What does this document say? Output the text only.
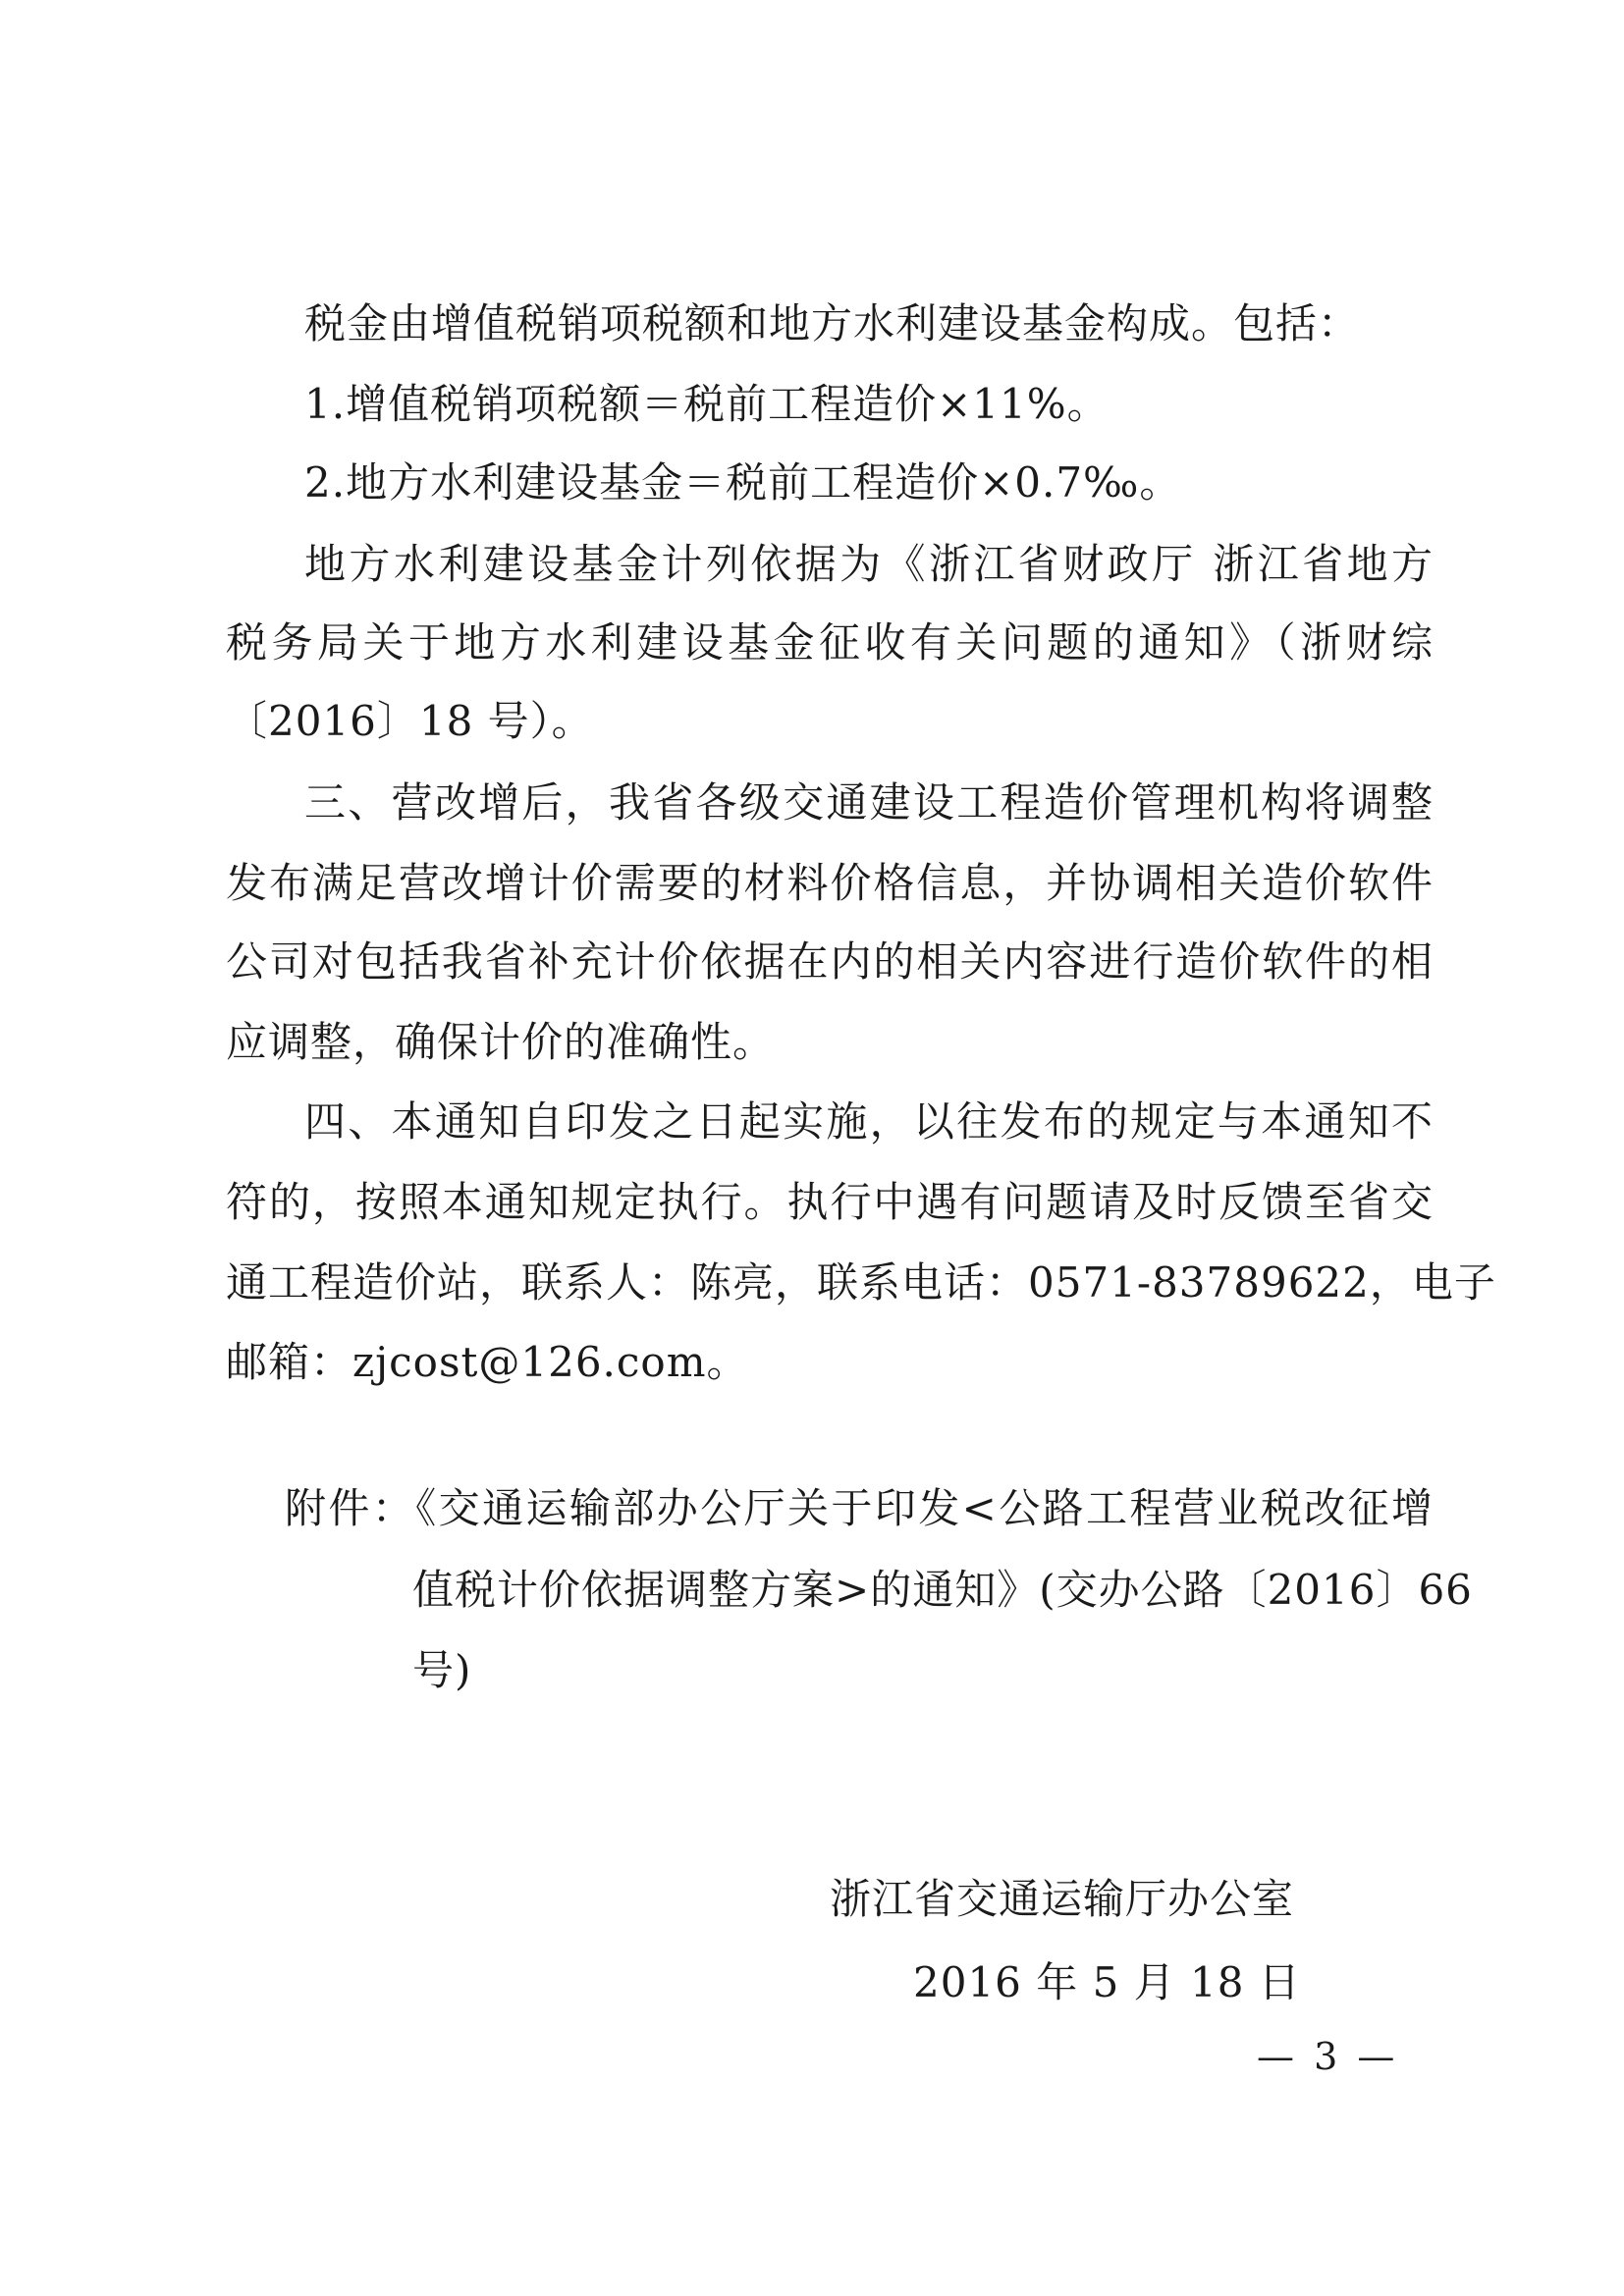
税金由增值税销项税额和地方水利建设基金构成。包括：
1.增值税销项税额＝税前工程造价×11%。
2.地方水利建设基金＝税前工程造价×0.7‰。
地方水利建设基金计列依据为《浙江省财政厅 浙江省地方
税务局关于地方水利建设基金征收有关问题的通知》（浙财综
〔2016〕18 号）。
三、营改增后，我省各级交通建设工程造价管理机构将调整
发布满足营改增计价需要的材料价格信息，并协调相关造价软件
公司对包括我省补充计价依据在内的相关内容进行造价软件的相
应调整，确保计价的准确性。
四、本通知自印发之日起实施，以往发布的规定与本通知不
符的，按照本通知规定执行。执行中遇有问题请及时反馈至省交
通工程造价站，联系人：陈亮，联系电话：0571-83789622，电子
邮箱：zjcost@126.com。
附件：《交通运输部办公厅关于印发<公路工程营业税改征增
值税计价依据调整方案>的通知》(交办公路〔2016〕66
号)
浙江省交通运输厅办公室
2016 年 5 月 18 日
— 3 —
